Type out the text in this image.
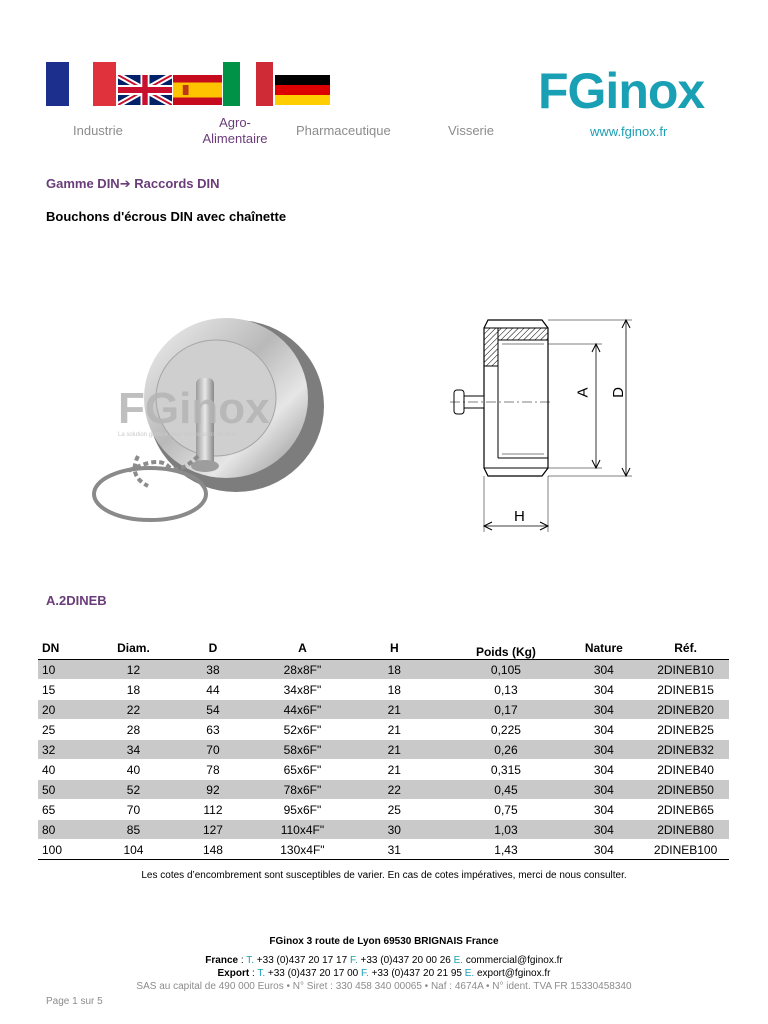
Industrie
Agro-
Alimentaire
Pharmaceutique	Visserie
FGinox
www.fginox.fr
Gamme DIN➔ Raccords DIN
Bouchons d'écrous DIN avec chaînette
FGinox
La solution globale pour vos besoins en inox
A D
H
A.2DINEB
DN	Diam.	D	A	H	Poids (Kg)	Nature	Réf.
10	12	38	28x8F"	18	0,105	304	2DINEB10
15	18	44	34x8F"	18	0,13	304	2DINEB15
20	22	54	44x6F"	21	0,17	304	2DINEB20
25	28	63	52x6F"	21	0,225	304	2DINEB25
32	34	70	58x6F"	21	0,26	304	2DINEB32
40	40	78	65x6F"	21	0,315	304	2DINEB40
50	52	92	78x6F"	22	0,45	304	2DINEB50
65	70	112	95x6F"	25	0,75	304	2DINEB65
80	85	127	110x4F"	30	1,03	304	2DINEB80
100	104	148	130x4F"	31	1,43	304	2DINEB100
Les cotes d’encombrement sont susceptibles de varier. En cas de cotes impératives, merci de nous consulter.
FGinox 3 route de Lyon 69530 BRIGNAIS France
France : T. +33 (0)437 20 17 17 F. +33 (0)437 20 00 26 E. commercial@fginox.fr
Export : T. +33 (0)437 20 17 00 F. +33 (0)437 20 21 95 E. export@fginox.fr
SAS au capital de 490 000 Euros • N° Siret : 330 458 340 00065 • Naf : 4674A • N° ident. TVA FR 15330458340
Page 1 sur 5
